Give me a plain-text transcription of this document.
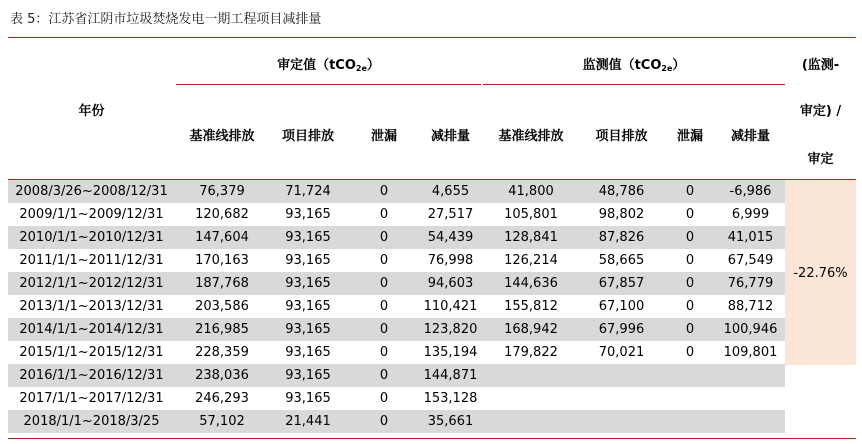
表 5：江苏省江阴市垃圾焚烧发电一期工程项目减排量
年份
审定值（tCO$_{2e}$）	监测值（tCO$_{2e}$）	(监测-
审定) /
审定
基准线排放	项目排放	泄漏	减排量	基准线排放	项目排放	泄漏	减排量
-22.76%
2008/3/26~2008/12/31	76,379	71,724	0	4,655	41,800	48,786	0	-6,986
2009/1/1~2009/12/31	120,682	93,165	0	27,517	105,801	98,802	0	6,999
2010/1/1~2010/12/31	147,604	93,165	0	54,439	128,841	87,826	0	41,015
2011/1/1~2011/12/31	170,163	93,165	0	76,998	126,214	58,665	0	67,549
2012/1/1~2012/12/31	187,768	93,165	0	94,603	144,636	67,857	0	76,779
2013/1/1~2013/12/31	203,586	93,165	0	110,421	155,812	67,100	0	88,712
2014/1/1~2014/12/31	216,985	93,165	0	123,820	168,942	67,996	0	100,946
2015/1/1~2015/12/31	228,359	93,165	0	135,194	179,822	70,021	0	109,801
2016/1/1~2016/12/31	238,036	93,165	0	144,871
2017/1/1~2017/12/31	246,293	93,165	0	153,128
2018/1/1~2018/3/25	57,102	21,441	0	35,661
